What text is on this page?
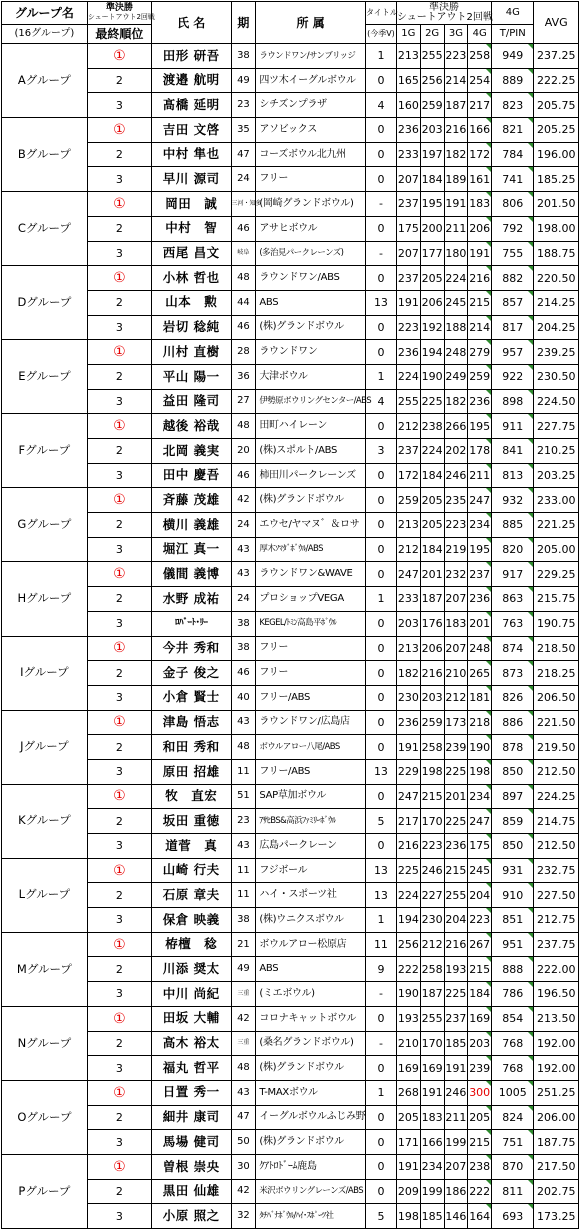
グループ名	準決勝
シュートアウト2回戦	氏 名	期	所 属	タイトル	準決勝
シュートアウト2回戦				4G	AVG
(16グループ)	最終順位				(今季V)	1G	2G	3G	4G	T/PIN	
Aグループ	①	田形 研吾	38	ラウンドワン/サンブリッジ	1	213	255	223	258	949	237.25
	2	渡邉 航明	49	四ツ木イーグルボウル	0	165	256	214	254	889	222.25
	3	髙橋 延明	23	シチズンプラザ	4	160	259	187	217	823	205.75
Bグループ	①	吉田 文啓	35	アソビックス	0	236	203	216	166	821	205.25
	2	中村 隼也	47	コーズボウル北九州	0	233	197	182	172	784	196.00
	3	早川 源司	24	フリー	0	207	184	189	161	741	185.25
Cグループ	①	岡田　誠	三河・知多	(岡崎グランドボウル)	-	237	195	191	183	806	201.50
	2	中村　智	46	アサヒボウル	0	175	200	211	206	792	198.00
	3	西尾 昌文	岐阜	(多治見パークレーンズ)	-	207	177	180	191	755	188.75
Dグループ	①	小林 哲也	48	ラウンドワン/ABS	0	237	205	224	216	882	220.50
	2	山本　勲	44	ABS	13	191	206	245	215	857	214.25
	3	岩切 稔純	46	(株)グランドボウル	0	223	192	188	214	817	204.25
Eグループ	①	川村 直樹	28	ラウンドワン	0	236	194	248	279	957	239.25
	2	平山 陽一	36	大津ボウル	1	224	190	249	259	922	230.50
	3	益田 隆司	27	伊勢原ボウリングセンター/ABS	4	255	225	182	236	898	224.50
Fグループ	①	越後 裕哉	48	田町ハイレーン	0	212	238	266	195	911	227.75
	2	北岡 義実	20	(株)スポルト/ABS	3	237	224	202	178	841	210.25
	3	田中 慶吾	46	柿田川パークレーンズ	0	172	184	246	211	813	203.25
Gグループ	①	斉藤 茂雄	42	(株)グランドボウル	0	259	205	235	247	932	233.00
	2	横川 義雄	24	エウセ/ヤマヌ゛＆ロサ	0	213	205	223	234	885	221.25
	3	堀江 真一	43	厚木ｿﾏﾀﾞﾎﾞｳﾙ/ABS	0	212	184	219	195	820	205.00
Hグループ	①	儀間 義博	43	ラウンドワン&WAVE	0	247	201	232	237	917	229.25
	2	水野 成祐	24	プロショップVEGA	1	233	187	207	236	863	215.75
	3	ﾛﾊﾞｰﾄ･ﾘｰ	38	KEGEL/ﾄﾐﾝ高島平ﾎﾞｳﾙ	0	203	176	183	201	763	190.75
Iグループ	①	今井 秀和	38	フリー	0	213	206	207	248	874	218.50
	2	金子 俊之	46	フリー	0	182	216	210	265	873	218.25
	3	小倉 賢士	40	フリー/ABS	0	230	203	212	181	826	206.50
Jグループ	①	津島 悟志	43	ラウンドワン/広島店	0	236	259	173	218	886	221.50
	2	和田 秀和	48	ボウルアロー八尾/ABS	0	191	258	239	190	878	219.50
	3	原田 招雄	11	フリー/ABS	13	229	198	225	198	850	212.50
Kグループ	①	牧　直宏	51	SAP草加ボウル	0	247	215	201	234	897	224.25
	2	坂田 重徳	23	ｱｻﾋBS&高浜ﾌｧﾐﾘｰﾎﾞｳﾙ	5	217	170	225	247	859	214.75
	3	道菅　真	43	広島パークレーン	0	216	223	236	175	850	212.50
Lグループ	①	山崎 行夫	11	フジボール	13	225	246	215	245	931	232.75
	2	石原 章夫	11	ハイ・スポーツ社	13	224	227	255	204	910	227.50
	3	保倉 映義	38	(株)ウニクスボウル	1	194	230	204	223	851	212.75
Mグループ	①	栫檀　稔	21	ボウルアロー松原店	11	256	212	216	267	951	237.75
	2	川添 奨太	49	ABS	9	222	258	193	215	888	222.00
	3	中川 尚紀	三重	(ミエボウル)	-	190	187	225	184	786	196.50
Nグループ	①	田坂 大輔	42	コロナキャットボウル	0	193	255	237	169	854	213.50
	2	高木 裕太	三重	(桑名グランドボウル)	-	210	170	185	203	768	192.00
	3	福丸 哲平	48	(株)グランドボウル	0	169	169	191	239	768	192.00
Oグループ	①	日置 秀一	43	T-MAXボウル	1	268	191	246	300	1005	251.25
	2	細井 康司	47	イーグルボウルふじみ野	0	205	183	211	205	824	206.00
	3	馬場 健司	50	(株)グランドボウル	0	171	166	199	215	751	187.75
Pグループ	①	曽根 崇央	30	ｸｱﾄﾛﾄﾞｰﾑ鹿島	0	191	234	207	238	870	217.50
	2	黒田 仙雄	42	米沢ボウリングレーンズ/ABS	0	209	199	186	222	811	202.75
	3	小原 照之	32	ﾀﾁﾊﾞﾅﾎﾞｳﾙ/ﾊｲ･ｽﾎﾟｰﾂ社	5	198	185	146	164	693	173.25
